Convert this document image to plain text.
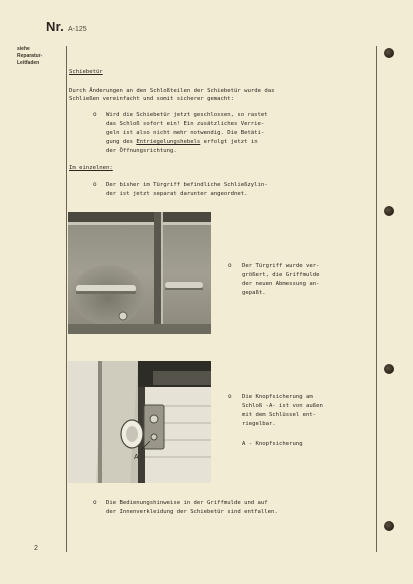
Nr. A-125
siehe
Reparatur-
Leitfaden
Schiebetür
Durch Änderungen an den Schloßteilen der Schiebetür wurde das
Schließen vereinfacht und somit sicherer gemacht:
o Wird die Schiebetür jetzt geschlossen, so rastet
das Schloß sofort ein! Ein zusätzliches Verrie-
geln ist also nicht mehr notwendig. Die Betäti-
gung des Entriegelungshebels erfolgt jetzt in
der Öffnungsrichtung.
Im einzelnen:
o Der bisher im Türgriff befindliche Schließzylin-
der ist jetzt separat darunter angeordnet.
o Der Türgriff wurde ver-
größert, die Griffmulde
der neuen Abmessung an-
gepaßt.
A
o Die Knopfsicherung am
Schloß -A- ist von außen
mit dem Schlüssel ent-
riegelbar.
A - Knopfsicherung
o Die Bedienungshinweise in der Griffmulde und auf
der Innenverkleidung der Schiebetür sind entfallen.
2
